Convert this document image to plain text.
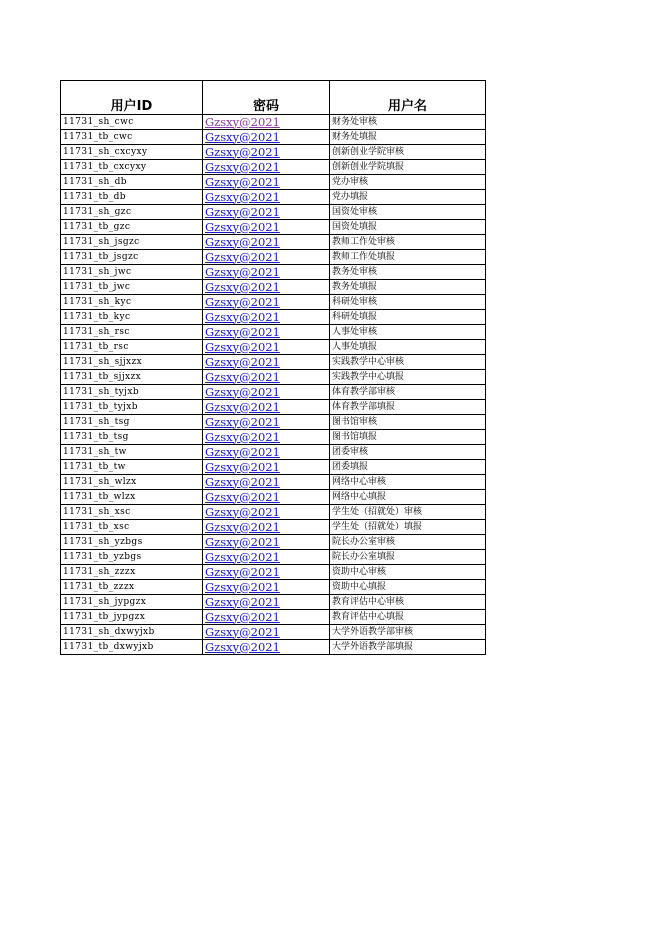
用户ID	密码	用户名
11731_sh_cwc	Gzsxy@2021	财务处审核
11731_tb_cwc	Gzsxy@2021	财务处填报
11731_sh_cxcyxy	Gzsxy@2021	创新创业学院审核
11731_tb_cxcyxy	Gzsxy@2021	创新创业学院填报
11731_sh_db	Gzsxy@2021	党办审核
11731_tb_db	Gzsxy@2021	党办填报
11731_sh_gzc	Gzsxy@2021	国资处审核
11731_tb_gzc	Gzsxy@2021	国资处填报
11731_sh_jsgzc	Gzsxy@2021	教师工作处审核
11731_tb_jsgzc	Gzsxy@2021	教师工作处填报
11731_sh_jwc	Gzsxy@2021	教务处审核
11731_tb_jwc	Gzsxy@2021	教务处填报
11731_sh_kyc	Gzsxy@2021	科研处审核
11731_tb_kyc	Gzsxy@2021	科研处填报
11731_sh_rsc	Gzsxy@2021	人事处审核
11731_tb_rsc	Gzsxy@2021	人事处填报
11731_sh_sjjxzx	Gzsxy@2021	实践教学中心审核
11731_tb_sjjxzx	Gzsxy@2021	实践教学中心填报
11731_sh_tyjxb	Gzsxy@2021	体育教学部审核
11731_tb_tyjxb	Gzsxy@2021	体育教学部填报
11731_sh_tsg	Gzsxy@2021	图书馆审核
11731_tb_tsg	Gzsxy@2021	图书馆填报
11731_sh_tw	Gzsxy@2021	团委审核
11731_tb_tw	Gzsxy@2021	团委填报
11731_sh_wlzx	Gzsxy@2021	网络中心审核
11731_tb_wlzx	Gzsxy@2021	网络中心填报
11731_sh_xsc	Gzsxy@2021	学生处（招就处）审核
11731_tb_xsc	Gzsxy@2021	学生处（招就处）填报
11731_sh_yzbgs	Gzsxy@2021	院长办公室审核
11731_tb_yzbgs	Gzsxy@2021	院长办公室填报
11731_sh_zzzx	Gzsxy@2021	资助中心审核
11731_tb_zzzx	Gzsxy@2021	资助中心填报
11731_sh_jypgzx	Gzsxy@2021	教育评估中心审核
11731_tb_jypgzx	Gzsxy@2021	教育评估中心填报
11731_sh_dxwyjxb	Gzsxy@2021	大学外语教学部审核
11731_tb_dxwyjxb	Gzsxy@2021	大学外语教学部填报
